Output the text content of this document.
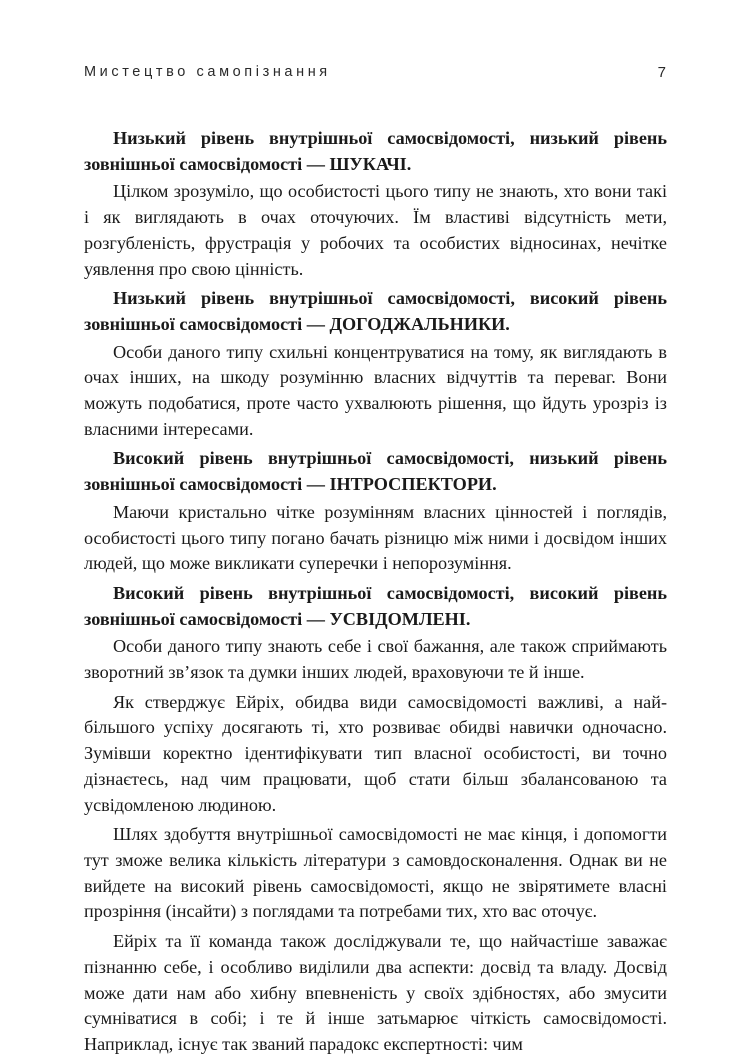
Мистецтво самопізнання	7

Низький рівень внутрішньої самосвідомості, низький рівень зовнішньої самосвідомості — ШУКАЧІ.

Цілком зрозуміло, що особистості цього типу не знають, хто вони такі і як виглядають в очах оточуючих. Їм властиві відсутність мети, розгубленість, фрустрація у робочих та особистих відносинах, нечітке уявлення про свою цінність.

Низький рівень внутрішньої самосвідомості, високий рівень зовнішньої самосвідомості — ДОГОДЖАЛЬНИКИ.

Особи даного типу схильні концентруватися на тому, як виглядають в очах інших, на шкоду розумінню власних відчуттів та переваг. Вони можуть подобатися, проте часто ухвалюють рішення, що йдуть урозріз із власними інтересами.

Високий рівень внутрішньої самосвідомості, низький рівень зовнішньої самосвідомості — ІНТРОСПЕКТОРИ.

Маючи кристально чітке розумінням власних цінностей і поглядів, особистості цього типу погано бачать різницю між ними і досвідом інших людей, що може викликати суперечки і непорозуміння.

Високий рівень внутрішньої самосвідомості, високий рівень зовнішньої самосвідомості — УСВІДОМЛЕНІ.

Особи даного типу знають себе і свої бажання, але також сприймають зворотний зв’язок та думки інших людей, враховуючи те й інше.

Як стверджує Ейріх, обидва види самосвідомості важливі, а найбільшого успіху досягають ті, хто розвиває обидві навички одночасно. Зумівши коректно ідентифікувати тип власної особистості, ви точно дізнаєтесь, над чим працювати, щоб стати більш збалансованою та усвідомленою людиною.

Шлях здобуття внутрішньої самосвідомості не має кінця, і допомогти тут зможе велика кількість літератури з самовдосконалення. Однак ви не вийдете на високий рівень самосвідомості, якщо не звірятимете власні прозріння (інсайти) з поглядами та потребами тих, хто вас оточує.

Ейріх та її команда також досліджували те, що найчастіше заважає пізнанню себе, і особливо виділили два аспекти: досвід та владу. Досвід може дати нам або хибну впевненість у своїх здібностях, або змусити сумніватися в собі; і те й інше затьмарює чіткість самосвідомості. Наприклад, існує так званий парадокс експертності: чим
